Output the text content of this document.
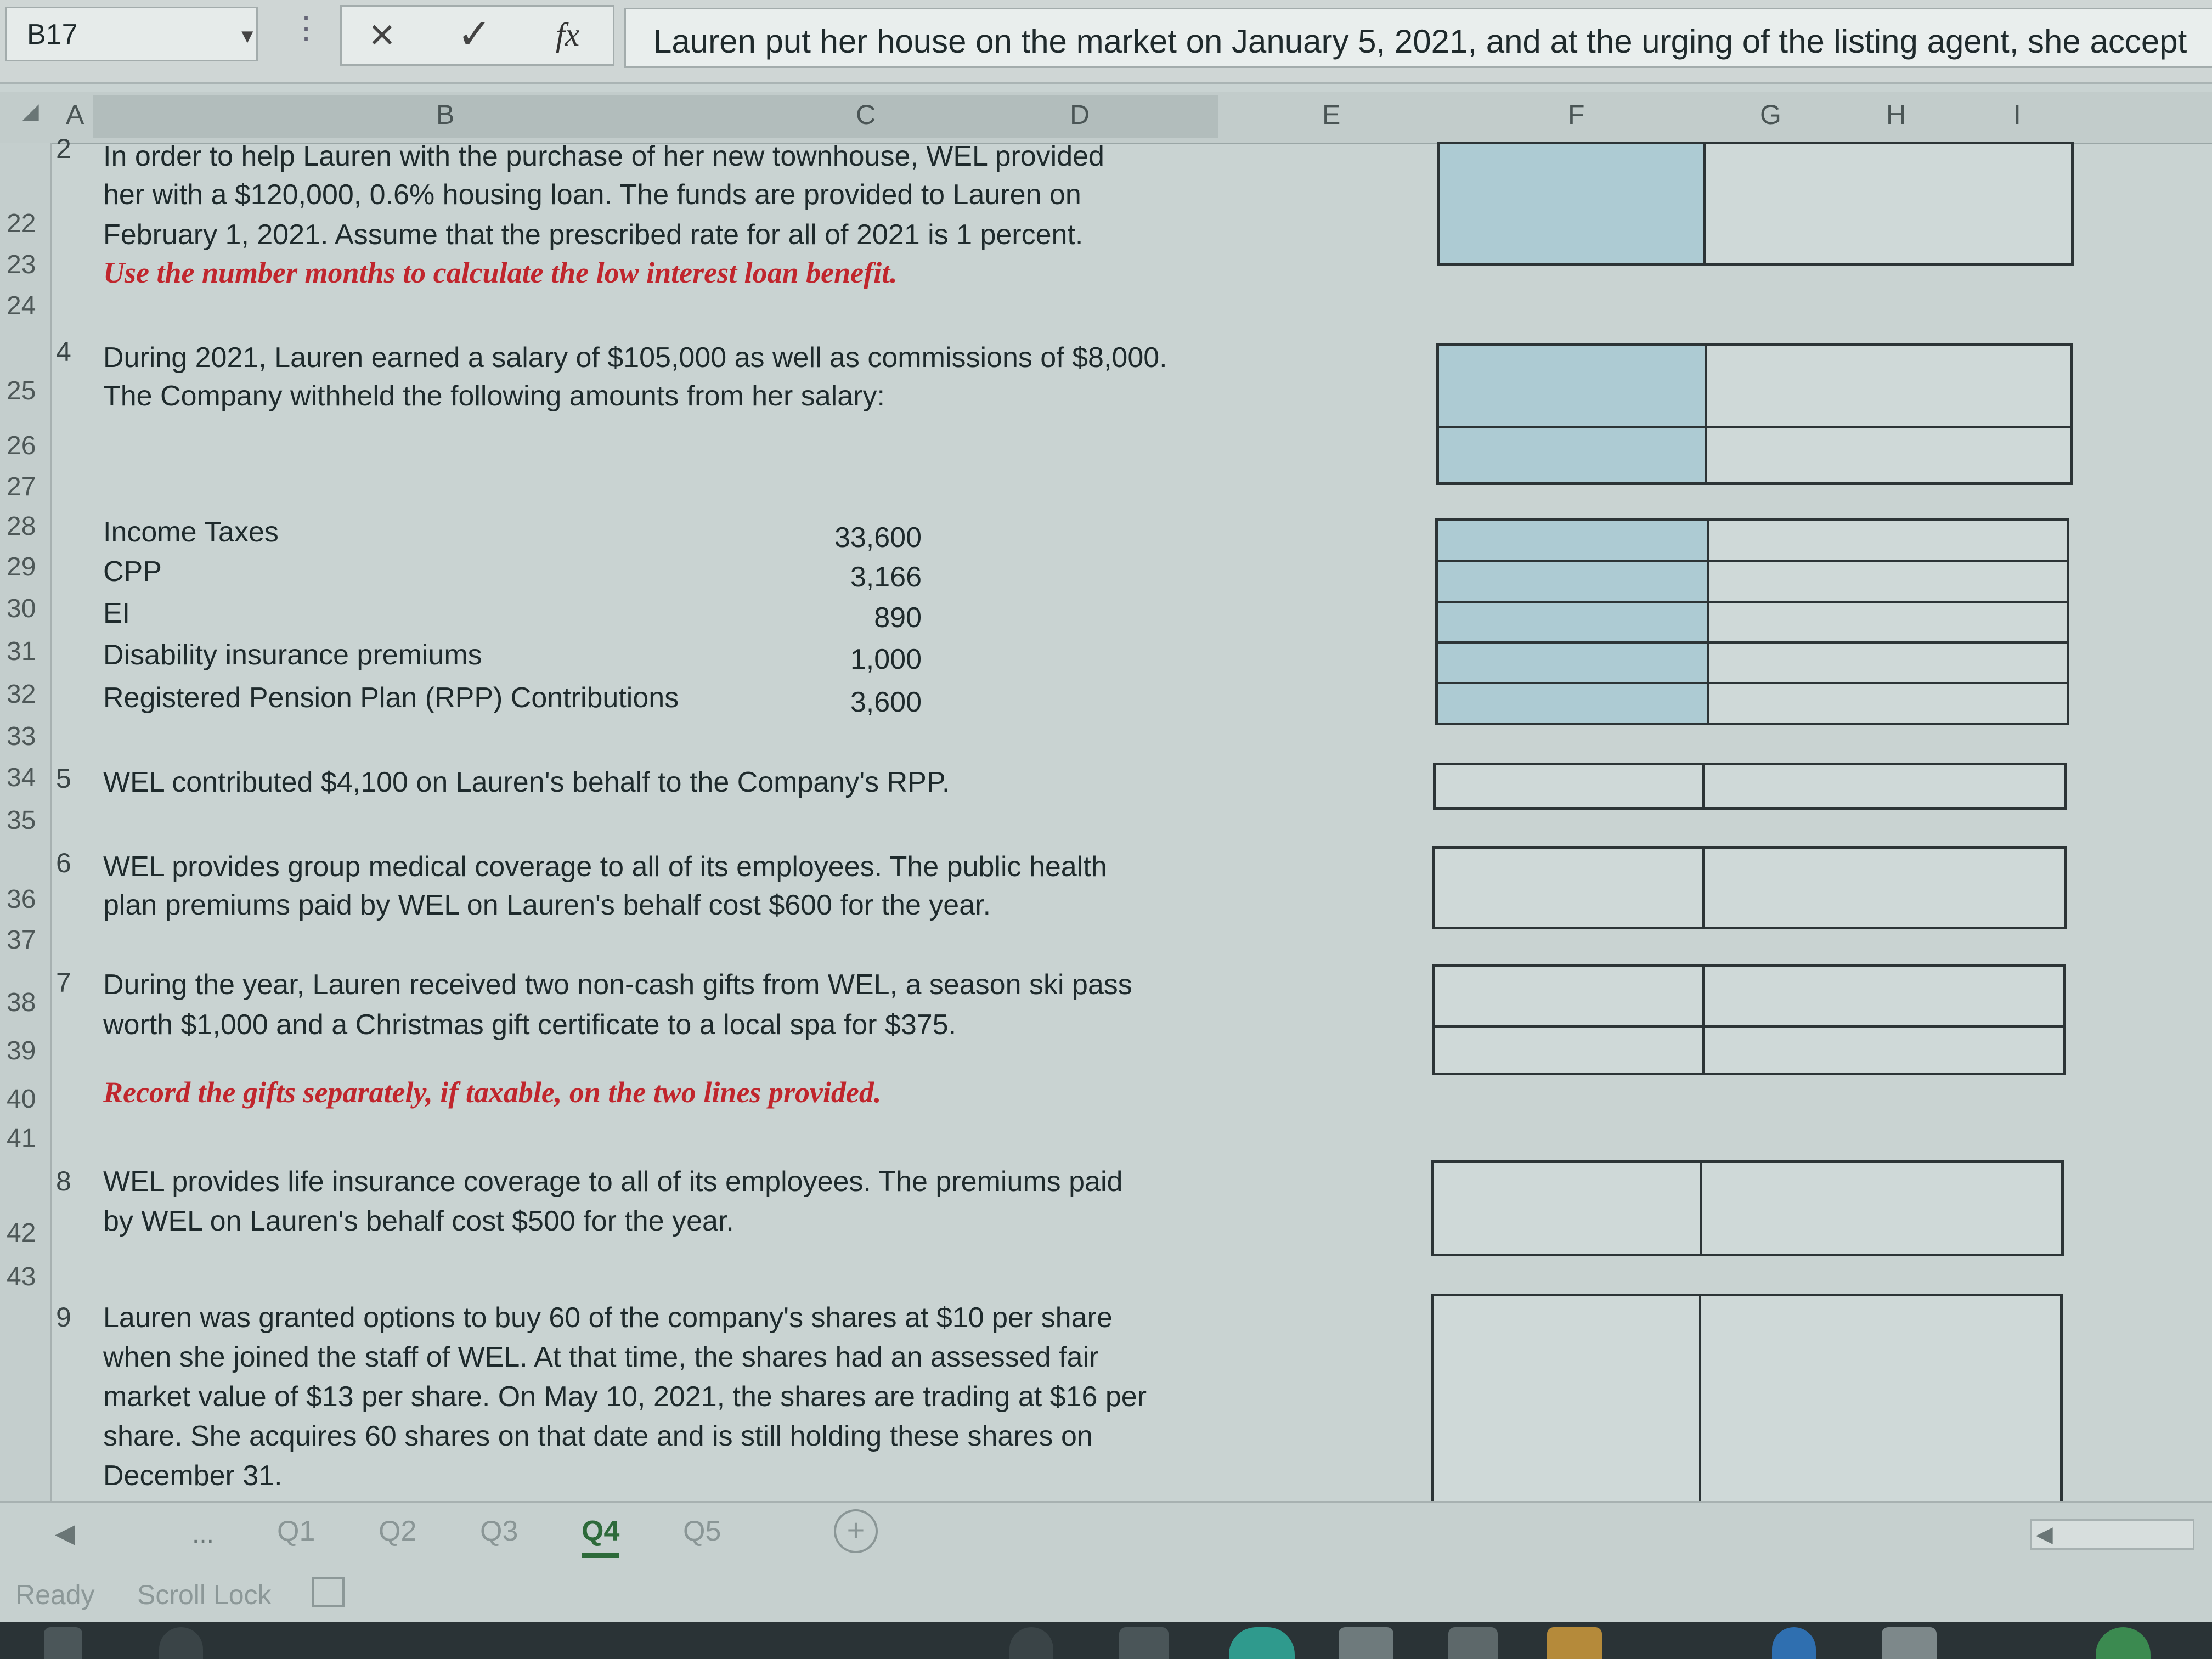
B17	▼ ⋮ × ✓ fx Lauren put her house on the market on January 5, 2021, and at the urging of the listing agent, she accept
◢ A	B	C	D	E	F	G	H	I
22
23
24
25
26
27
28
29
30
31
32
33
34
35
36
37
38
39
40
41
42
43
2 In order to help Lauren with the purchase of her new townhouse, WEL provided
her with a $120,000, 0.6% housing loan. The funds are provided to Lauren on
February 1, 2021. Assume that the prescribed rate for all of 2021 is 1 percent.
Use the number months to calculate the low interest loan benefit.
4 During 2021, Lauren earned a salary of $105,000 as well as commissions of $8,000.
The Company withheld the following amounts from her salary:
Income Taxes	33,600
CPP	3,166
EI	890
Disability insurance premiums	1,000
Registered Pension Plan (RPP) Contributions	3,600
5 WEL contributed $4,100 on Lauren's behalf to the Company's RPP.
6 WEL provides group medical coverage to all of its employees. The public health
plan premiums paid by WEL on Lauren's behalf cost $600 for the year.
7 During the year, Lauren received two non-cash gifts from WEL, a season ski pass
worth $1,000 and a Christmas gift certificate to a local spa for $375.
Record the gifts separately, if taxable, on the two lines provided.
8 WEL provides life insurance coverage to all of its employees. The premiums paid
by WEL on Lauren's behalf cost $500 for the year.
9 Lauren was granted options to buy 60 of the company's shares at $10 per share
when she joined the staff of WEL. At that time, the shares had an assessed fair
market value of $13 per share. On May 10, 2021, the shares are trading at $16 per
share. She acquires 60 shares on that date and is still holding these shares on
December 31.
◀	... Q1 Q2 Q3 Q4 Q5	+	◀
Ready Scroll Lock
